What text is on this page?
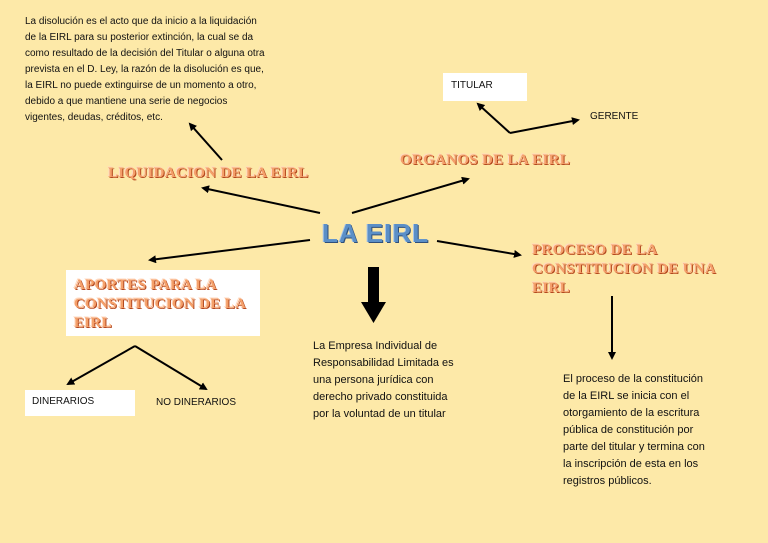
La disolución es el acto que da inicio a la liquidación de la EIRL para su posterior extinción, la cual se da como resultado de la decisión del Titular o alguna otra prevista en el D. Ley, la razón de la disolución es que, la EIRL no puede extinguirse de un momento a otro, debido a que mantiene una serie de negocios vigentes, deudas, créditos, etc.
LIQUIDACION DE LA EIRL
TITULAR
GERENTE
ORGANOS DE LA EIRL
LA EIRL
APORTES PARA LA CONSTITUCION DE LA EIRL
PROCESO DE LA CONSTITUCION DE UNA EIRL
DINERARIOS	NO DINERARIOS
La Empresa Individual de Responsabilidad Limitada es una persona jurídica con derecho privado constituida por la voluntad de un titular
El proceso de la constitución de la EIRL se inicia con el otorgamiento de la escritura pública de constitución por parte del titular y termina con la inscripción de esta en los registros públicos.
